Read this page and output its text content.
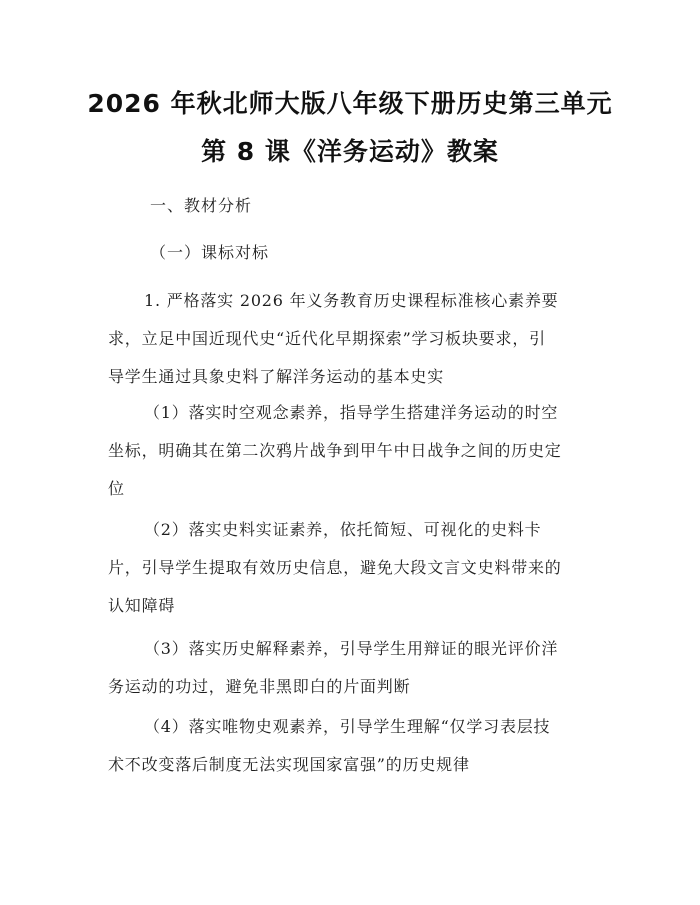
2026 年秋北师大版八年级下册历史第三单元
第 8 课《洋务运动》教案
一、教材分析
（一）课标对标
1. 严格落实 2026 年义务教育历史课程标准核心素养要
求，立足中国近现代史“近代化早期探索”学习板块要求，引
导学生通过具象史料了解洋务运动的基本史实
（1）落实时空观念素养，指导学生搭建洋务运动的时空
坐标，明确其在第二次鸦片战争到甲午中日战争之间的历史定
位
（2）落实史料实证素养，依托简短、可视化的史料卡
片，引导学生提取有效历史信息，避免大段文言文史料带来的
认知障碍
（3）落实历史解释素养，引导学生用辩证的眼光评价洋
务运动的功过，避免非黑即白的片面判断
（4）落实唯物史观素养，引导学生理解“仅学习表层技
术不改变落后制度无法实现国家富强”的历史规律
